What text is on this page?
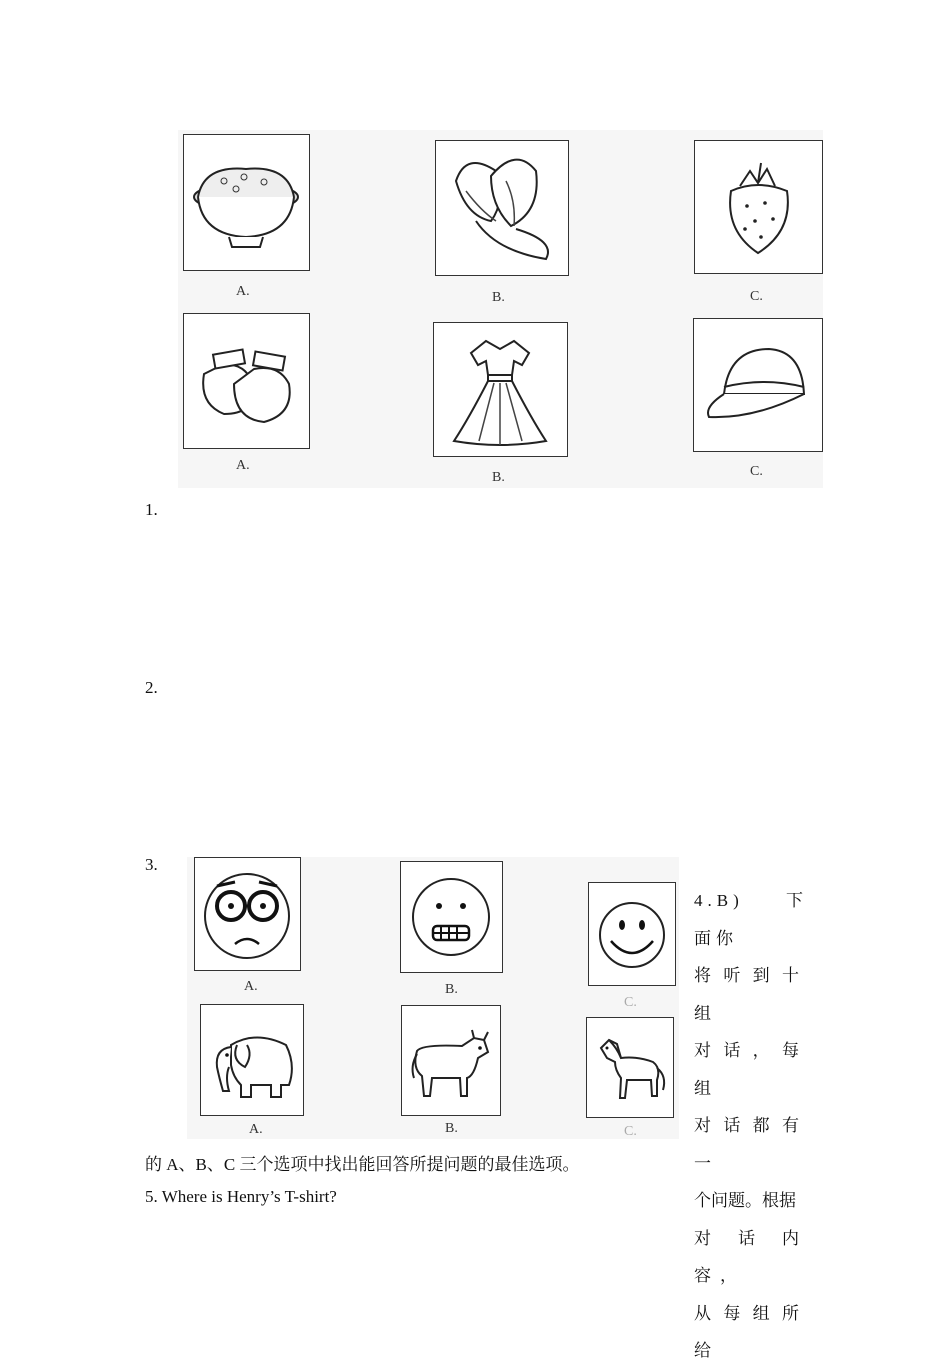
A.	B.	C.
A.
B.	C.
1.
2.
3.
A.	B.
C.
A.	B.	C.
4.B)　下面你
将听到十组
对话，每组
对话都有一
个问题。根据
对话内容，
从每组所给
的 A、B、C 三个选项中找出能回答所提问题的最佳选项。
5. Where is Henry’s T-shirt?
